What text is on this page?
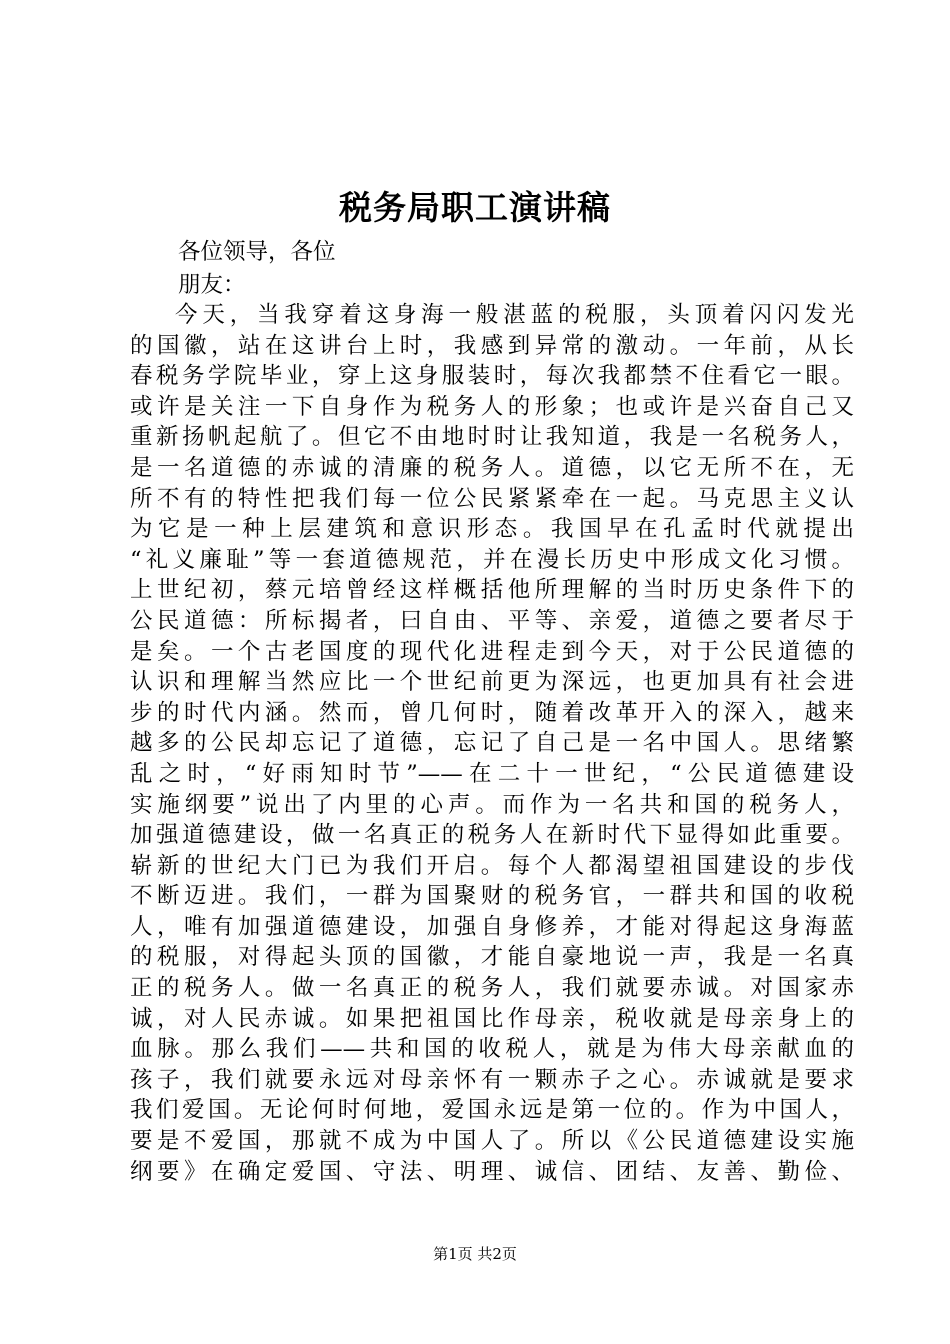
税务局职工演讲稿
各位领导，各位
朋友：
今天，当我穿着这身海一般湛蓝的税服，头顶着闪闪发光
的国徽，站在这讲台上时，我感到异常的激动。一年前，从长
春税务学院毕业，穿上这身服装时，每次我都禁不住看它一眼。
或许是关注一下自身作为税务人的形象；也或许是兴奋自己又
重新扬帆起航了。但它不由地时时让我知道，我是一名税务人，
是一名道德的赤诚的清廉的税务人。道德，以它无所不在，无
所不有的特性把我们每一位公民紧紧牵在一起。马克思主义认
为它是一种上层建筑和意识形态。我国早在孔孟时代就提出
“礼义廉耻”等一套道德规范，并在漫长历史中形成文化习惯。
上世纪初，蔡元培曾经这样概括他所理解的当时历史条件下的
公民道德：所标揭者，曰自由、平等、亲爱，道德之要者尽于
是矣。一个古老国度的现代化进程走到今天，对于公民道德的
认识和理解当然应比一个世纪前更为深远，也更加具有社会进
步的时代内涵。然而，曾几何时，随着改革开入的深入，越来
越多的公民却忘记了道德，忘记了自己是一名中国人。思绪繁
乱之时，“好雨知时节”——在二十一世纪，“公民道德建设
实施纲要”说出了内里的心声。而作为一名共和国的税务人，
加强道德建设，做一名真正的税务人在新时代下显得如此重要。
崭新的世纪大门已为我们开启。每个人都渴望祖国建设的步伐
不断迈进。我们，一群为国聚财的税务官，一群共和国的收税
人，唯有加强道德建设，加强自身修养，才能对得起这身海蓝
的税服，对得起头顶的国徽，才能自豪地说一声，我是一名真
正的税务人。做一名真正的税务人，我们就要赤诚。对国家赤
诚，对人民赤诚。如果把祖国比作母亲，税收就是母亲身上的
血脉。那么我们——共和国的收税人，就是为伟大母亲献血的
孩子，我们就要永远对母亲怀有一颗赤子之心。赤诚就是要求
我们爱国。无论何时何地，爱国永远是第一位的。作为中国人，
要是不爱国，那就不成为中国人了。所以《公民道德建设实施
纲要》在确定爱国、守法、明理、诚信、团结、友善、勤俭、
第1页 共2页
